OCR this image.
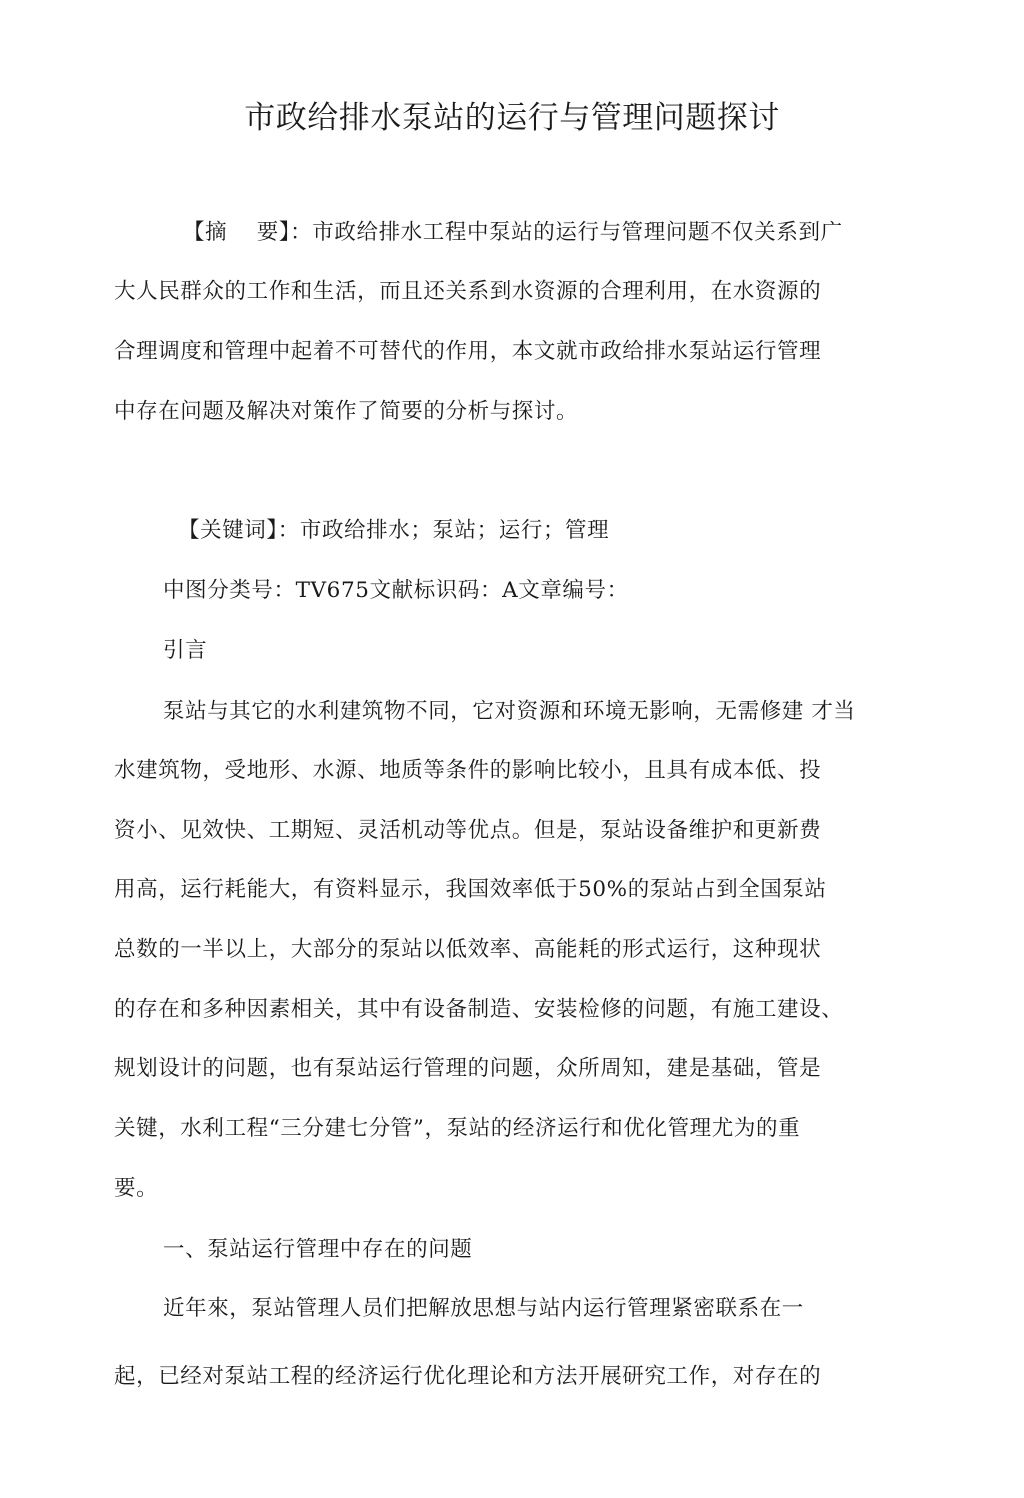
市政给排水泵站的运行与管理问题探讨
【摘　 要】：市政给排水工程中泵站的运行与管理问题不仅关系到广
大人民群众的工作和生活，而且还关系到水资源的合理利用，在水资源的
合理调度和管理中起着不可替代的作用，本文就市政给排水泵站运行管理
中存在问题及解决对策作了简要的分析与探讨。
【关键词】：市政给排水；泵站；运行；管理
中图分类号：TV675文献标识码：A文章编号：
引言
泵站与其它的水利建筑物不同，它对资源和环境无影响，无需修建 才当
水建筑物，受地形、水源、地质等条件的影响比较小，且具有成本低、投
资小、见效快、工期短、灵活机动等优点。但是，泵站设备维护和更新费
用高，运行耗能大，有资料显示，我国效率低于50%的泵站占到全国泵站
总数的一半以上，大部分的泵站以低效率、高能耗的形式运行，这种现状
的存在和多种因素相关，其中有设备制造、安装检修的问题，有施工建设、
规划设计的问题，也有泵站运行管理的问题，众所周知，建是基础，管是
关键，水利工程“三分建七分管”，泵站的经济运行和优化管理尤为的重
要。
一、泵站运行管理中存在的问题
近年來，泵站管理人员们把解放思想与站内运行管理紧密联系在一
起，已经对泵站工程的经济运行优化理论和方法开展研究工作，对存在的
